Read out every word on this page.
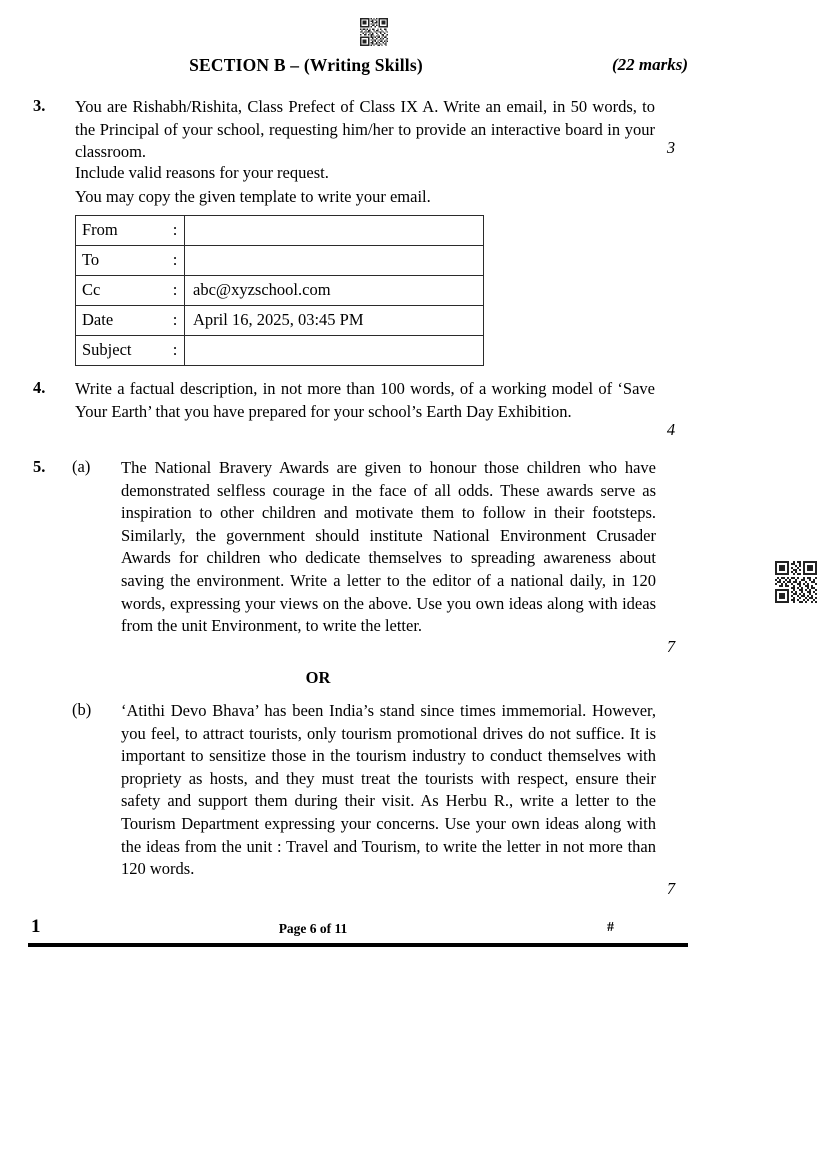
SECTION B – (Writing Skills)	(22 marks)
3.	You are Rishabh/Rishita, Class Prefect of Class IX A. Write an email, in 50 words, to the Principal of your school, requesting him/her to provide an interactive board in your classroom.	3
Include valid reasons for your request.
You may copy the given template to write your email.
From	:	
To	:	
Cc	:	abc@xyzschool.com
Date	:	April 16, 2025, 03:45 PM
Subject	:	
4.	Write a factual description, in not more than 100 words, of a working model of ‘Save Your Earth’ that you have prepared for your school’s Earth Day Exhibition.
4
5.	(a)	The National Bravery Awards are given to honour those children who have demonstrated selfless courage in the face of all odds. These awards serve as inspiration to other children and motivate them to follow in their footsteps. Similarly, the government should institute National Environment Crusader Awards for children who dedicate themselves to spreading awareness about saving the environment. Write a letter to the editor of a national daily, in 120 words, expressing your views on the above. Use you own ideas along with ideas from the unit Environment, to write the letter.
7
OR
(b)	‘Atithi Devo Bhava’ has been India’s stand since times immemorial. However, you feel, to attract tourists, only tourism promotional drives do not suffice. It is important to sensitize those in the tourism industry to conduct themselves with propriety as hosts, and they must treat the tourists with respect, ensure their safety and support them during their visit. As Herbu R., write a letter to the Tourism Department expressing your concerns. Use your own ideas along with the ideas from the unit : Travel and Tourism, to write the letter in not more than 120 words.
7
1	Page 6 of 11	#
